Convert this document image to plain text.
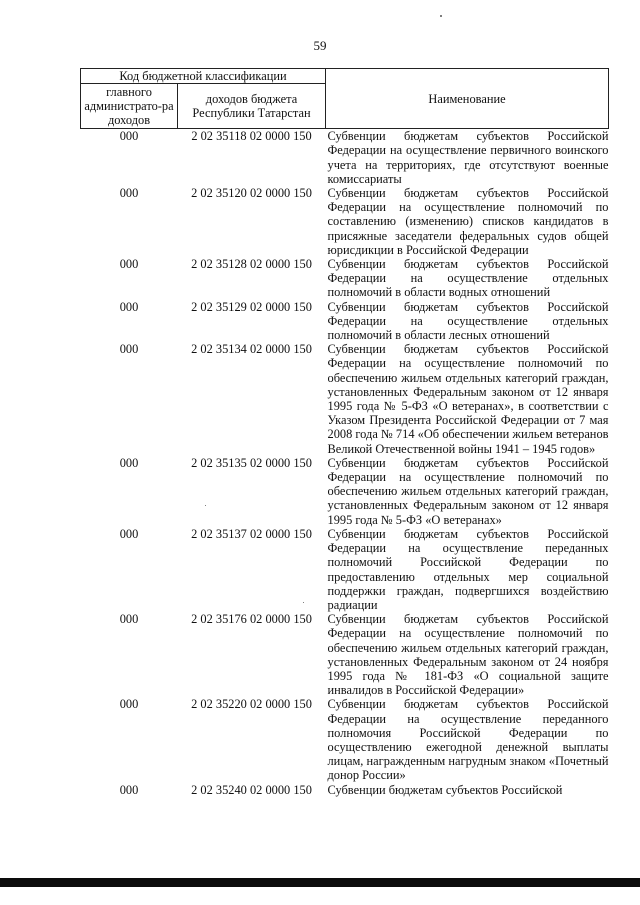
59
Код бюджетной классификации		Наименование
главного администрато-ра доходов	доходов бюджета Республики Татарстан	
000	2 02 35118 02 0000 150	Субвенции бюджетам субъектов Российской Федерации на осуществление первичного воинского учета на территориях, где отсутствуют военные комиссариаты
000	2 02 35120 02 0000 150	Субвенции бюджетам субъектов Российской Федерации на осуществление полномочий по составлению (изменению) списков кандидатов в присяжные заседатели федеральных судов общей юрисдикции в Российской Федерации
000	2 02 35128 02 0000 150	Субвенции бюджетам субъектов Российской Федерации на осуществление отдельных полномочий в области водных отношений
000	2 02 35129 02 0000 150	Субвенции бюджетам субъектов Российской Федерации на осуществление отдельных полномочий в области лесных отношений
000	2 02 35134 02 0000 150	Субвенции бюджетам субъектов Российской Федерации на осуществление полномочий по обеспечению жильем отдельных категорий граждан, установленных Федеральным законом от 12 января 1995 года № 5-ФЗ «О ветеранах», в соответствии с Указом Президента Российской Федерации от 7 мая 2008 года № 714 «Об обеспечении жильем ветеранов Великой Отечественной войны 1941 – 1945 годов»
000	2 02 35135 02 0000 150	Субвенции бюджетам субъектов Российской Федерации на осуществление полномочий по обеспечению жильем отдельных категорий граждан, установленных Федеральным законом от 12 января 1995 года № 5-ФЗ «О ветеранах»
000	2 02 35137 02 0000 150	Субвенции бюджетам субъектов Российской Федерации на осуществление переданных полномочий Российской Федерации по предоставлению отдельных мер социальной поддержки граждан, подвергшихся воздействию радиации
000	2 02 35176 02 0000 150	Субвенции бюджетам субъектов Российской Федерации на осуществление полномочий по обеспечению жильем отдельных категорий граждан, установленных Федеральным законом от 24 ноября 1995 года № 181-ФЗ «О социальной защите инвалидов в Российской Федерации»
000	2 02 35220 02 0000 150	Субвенции бюджетам субъектов Российской Федерации на осуществление переданного полномочия Российской Федерации по осуществлению ежегодной денежной выплаты лицам, награжденным нагрудным знаком «Почетный донор России»
000	2 02 35240 02 0000 150	Субвенции бюджетам субъектов Российской
